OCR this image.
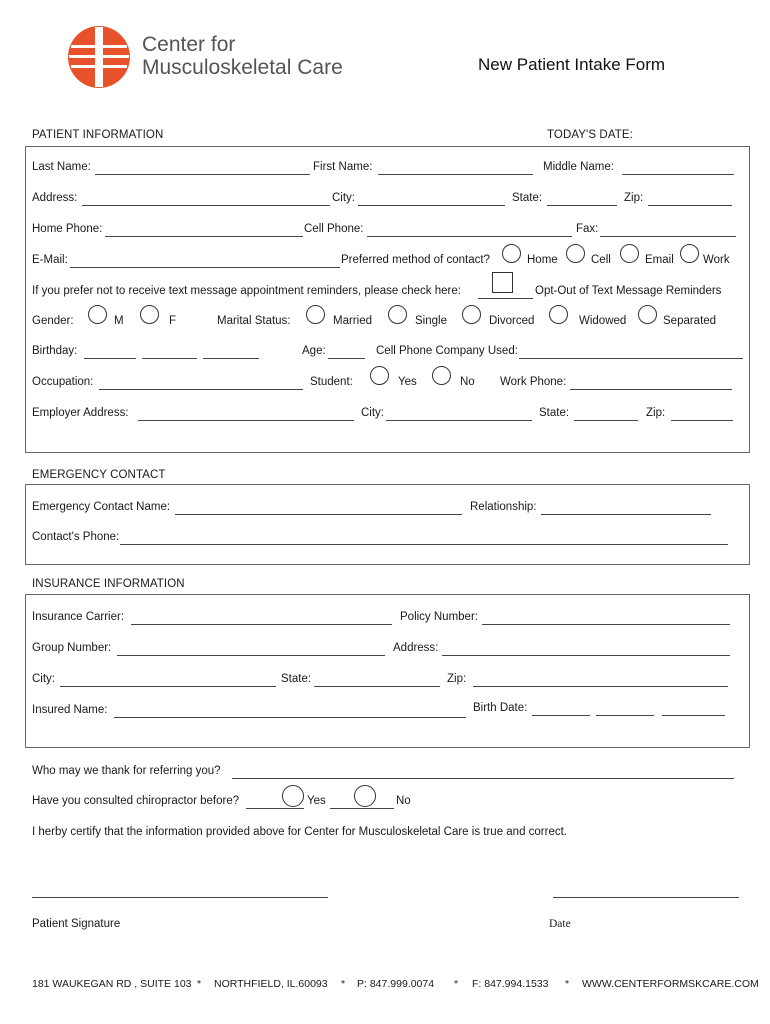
Center for
Musculoskeletal Care	New Patient Intake Form
PATIENT INFORMATION	TODAY'S DATE:
Last Name:	First Name:	Middle Name:
Address:	City:	State:	Zip:
Home Phone:	Cell Phone:	Fax:
E-Mail:	Preferred method of contact?	Home	Cell	Email	Work
If you prefer not to receive text message appointment reminders, please check here:	Opt-Out of Text Message Reminders
Gender:	M	F	Marital Status:	Married	Single	Divorced	Widowed	Separated
Birthday:	Age:	Cell Phone Company Used:
Occupation:	Student:	Yes	No Work Phone:
Employer Address:	City:	State:	Zip:
EMERGENCY CONTACT
Emergency Contact Name:	Relationship:
Contact's Phone:
INSURANCE INFORMATION
Insurance Carrier:	Policy Number:
Group Number:	Address:
City:	State:	Zip:
Insured Name:	Birth Date:
Who may we thank for referring you?
Have you consulted chiropractor before?	Yes	No
I herby certify that the information provided above for Center for Musculoskeletal Care is true and correct.
Patient Signature	Date
181 WAUKEGAN RD , SUITE 103 * NORTHFIELD, IL.60093 * P: 847.999.0074 * F: 847.994.1533 * WWW.CENTERFORMSKCARE.COM
